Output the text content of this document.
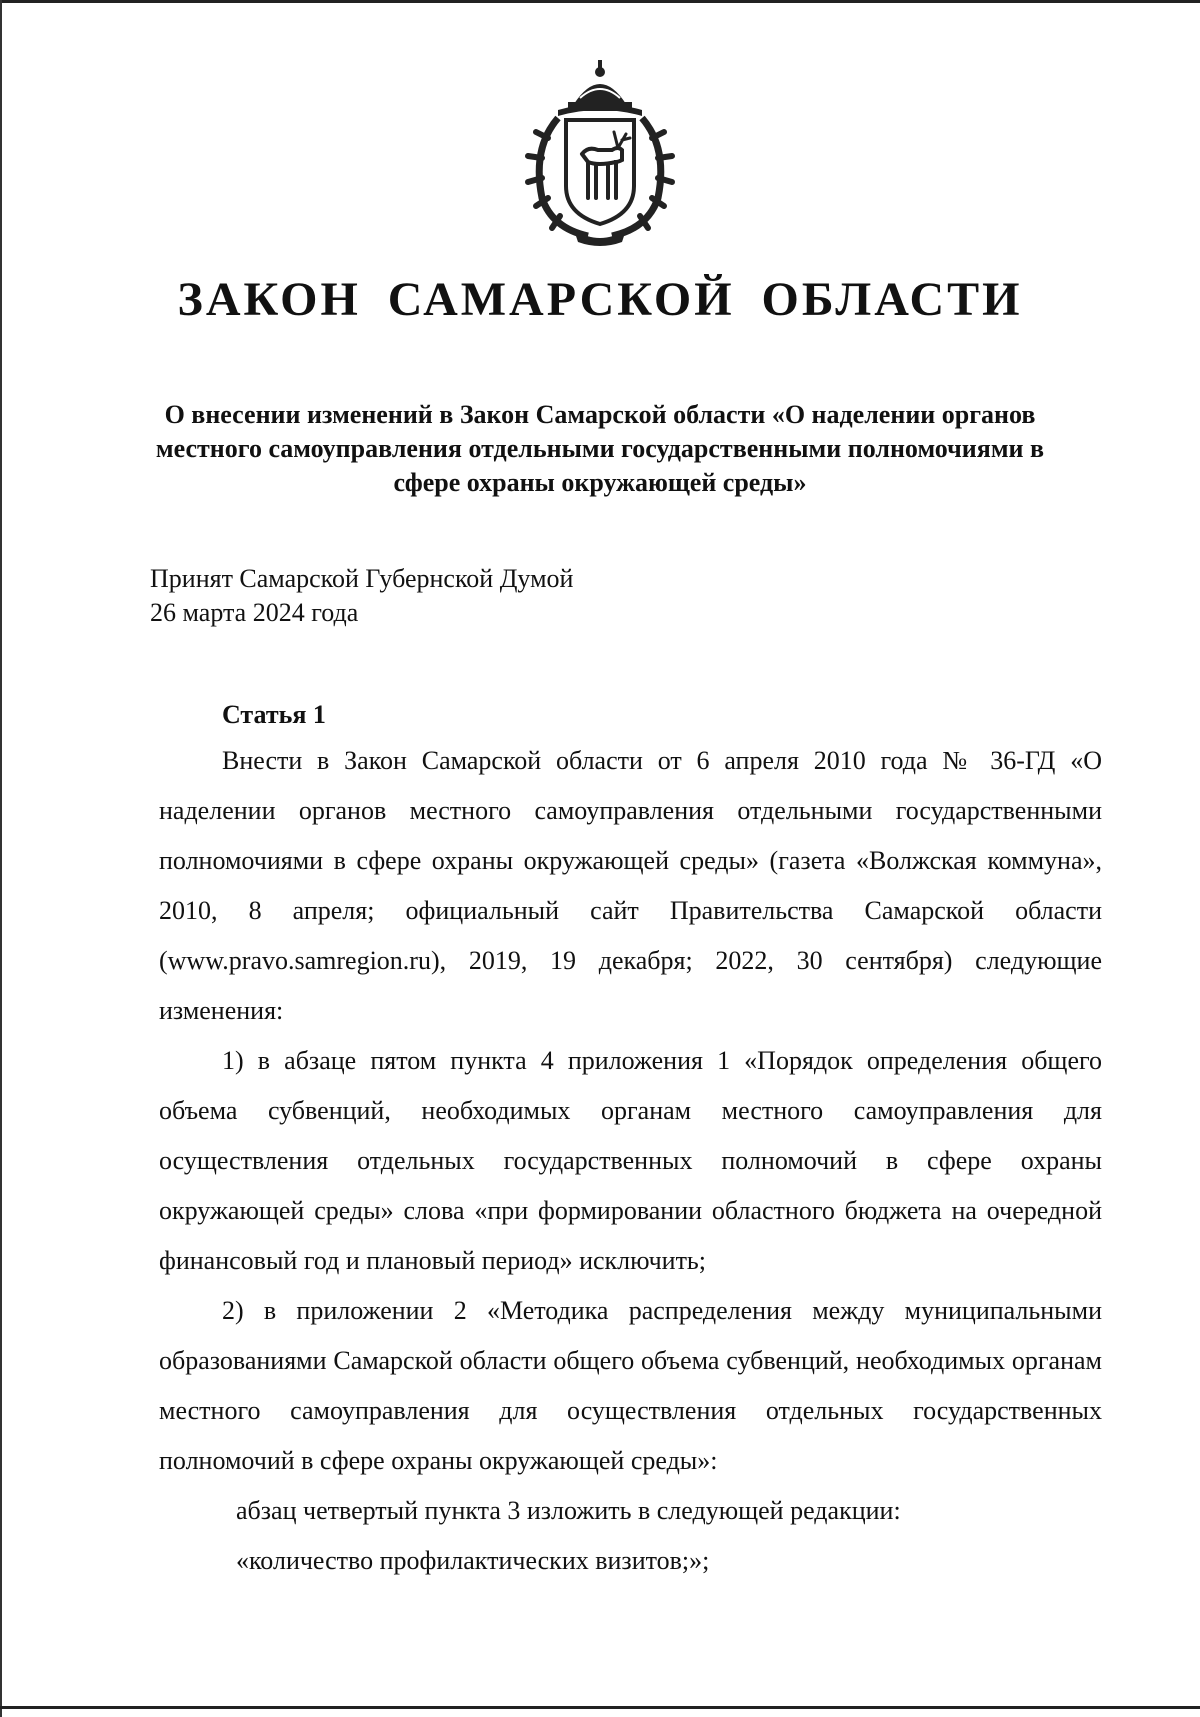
ЗАКОН САМАРСКОЙ ОБЛАСТИ
О внесении изменений в Закон Самарской области «О наделении органов местного самоуправления отдельными государственными полномочиями в сфере охраны окружающей среды»
Принят Самарской Губернской Думой
26 марта 2024 года
Статья 1

Внести в Закон Самарской области от 6 апреля 2010 года № 36-ГД «О наделении органов местного самоуправления отдельными государственными полномочиями в сфере охраны окружающей среды» (газета «Волжская коммуна», 2010, 8 апреля; официальный сайт Правительства Самарской области (www.pravo.samregion.ru), 2019, 19 декабря; 2022, 30 сентября) следующие изменения:

1) в абзаце пятом пункта 4 приложения 1 «Порядок определения общего объема субвенций, необходимых органам местного самоуправления для осуществления отдельных государственных полномочий в сфере охраны окружающей среды» слова «при формировании областного бюджета на очередной финансовый год и плановый период» исключить;

2) в приложении 2 «Методика распределения между муниципальными образованиями Самарской области общего объема субвенций, необходимых органам местного самоуправления для осуществления отдельных государственных полномочий в сфере охраны окружающей среды»:

абзац четвертый пункта 3 изложить в следующей редакции:

«количество профилактических визитов;»;
